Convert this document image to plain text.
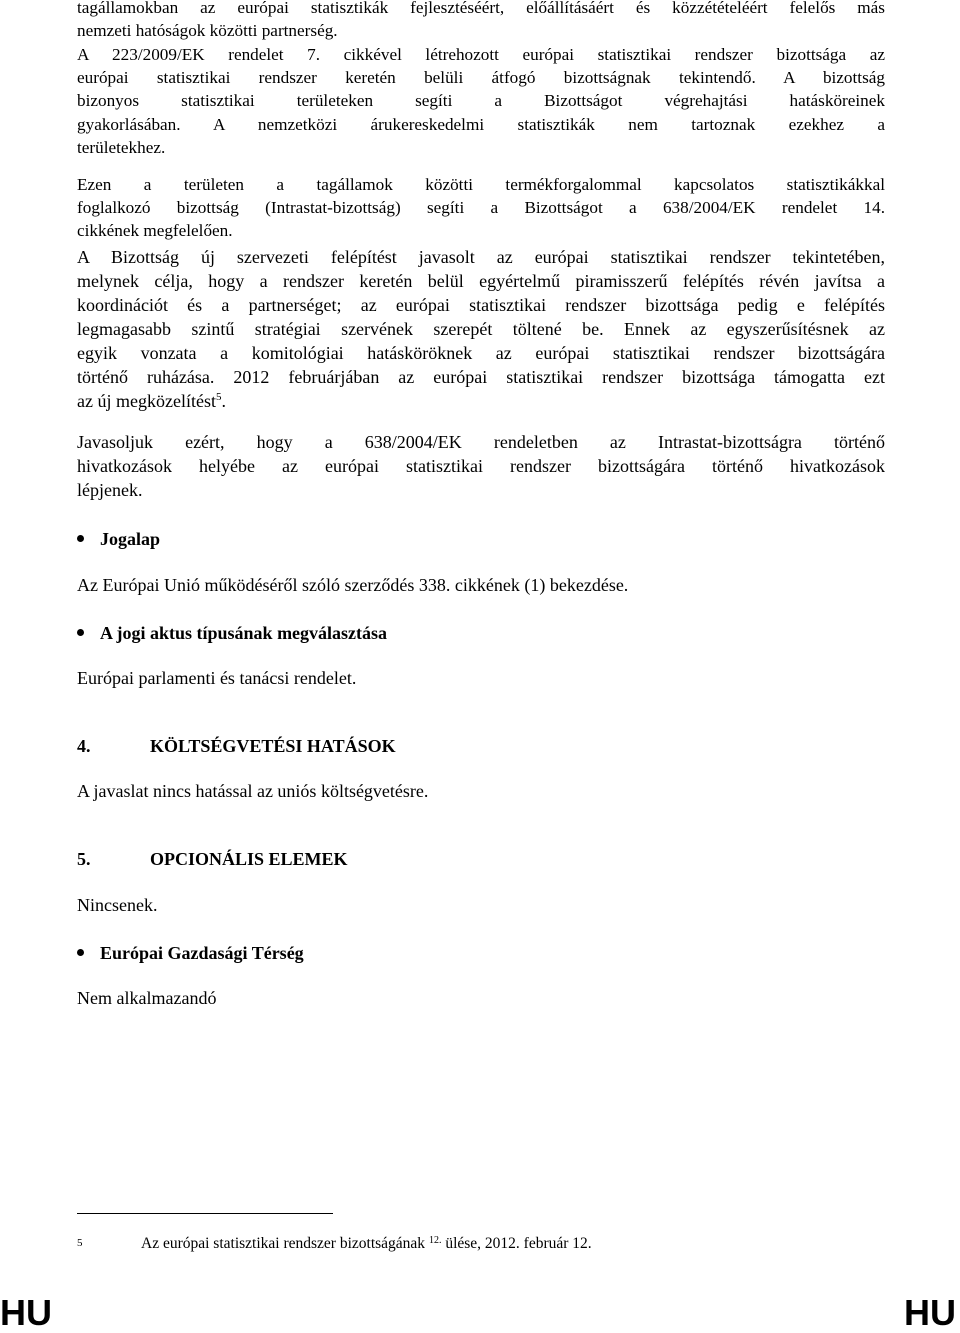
tagállamokban az európai statisztikák fejlesztéséért, előállításáért és közzétételéért felelős más
nemzeti hatóságok közötti partnerség.
A 223/2009/EK rendelet 7. cikkével létrehozott európai statisztikai rendszer bizottsága az
európai statisztikai rendszer keretén belüli átfogó bizottságnak tekintendő. A bizottság
bizonyos statisztikai területeken segíti a Bizottságot végrehajtási hatásköreinek
gyakorlásában. A nemzetközi árukereskedelmi statisztikák nem tartoznak ezekhez a
területekhez.
Ezen a területen a tagállamok közötti termékforgalommal kapcsolatos statisztikákkal
foglalkozó bizottság (Intrastat-bizottság) segíti a Bizottságot a 638/2004/EK rendelet 14.
cikkének megfelelően.
A Bizottság új szervezeti felépítést javasolt az európai statisztikai rendszer tekintetében,
melynek célja, hogy a rendszer keretén belül egyértelmű piramisszerű felépítés révén javítsa a
koordinációt és a partnerséget; az európai statisztikai rendszer bizottsága pedig e felépítés
legmagasabb szintű stratégiai szervének szerepét töltené be. Ennek az egyszerűsítésnek az
egyik vonzata a komitológiai hatásköröknek az európai statisztikai rendszer bizottságára
történő ruházása. 2012 februárjában az európai statisztikai rendszer bizottsága támogatta ezt
az új megközelítést$^5$.
Javasoljuk ezért, hogy a 638/2004/EK rendeletben az Intrastat-bizottságra történő
hivatkozások helyébe az európai statisztikai rendszer bizottságára történő hivatkozások
lépjenek.
Jogalap
Az Európai Unió működéséről szóló szerződés 338. cikkének (1) bekezdése.
A jogi aktus típusának megválasztása
Európai parlamenti és tanácsi rendelet.
4.	KÖLTSÉGVETÉSI HATÁSOK
A javaslat nincs hatással az uniós költségvetésre.
5.	OPCIONÁLIS ELEMEK
Nincsenek.
Európai Gazdasági Térség
Nem alkalmazandó
5	Az európai statisztikai rendszer bizottságának $^{12.}$ ülése, 2012. február 12.
HU	HU
